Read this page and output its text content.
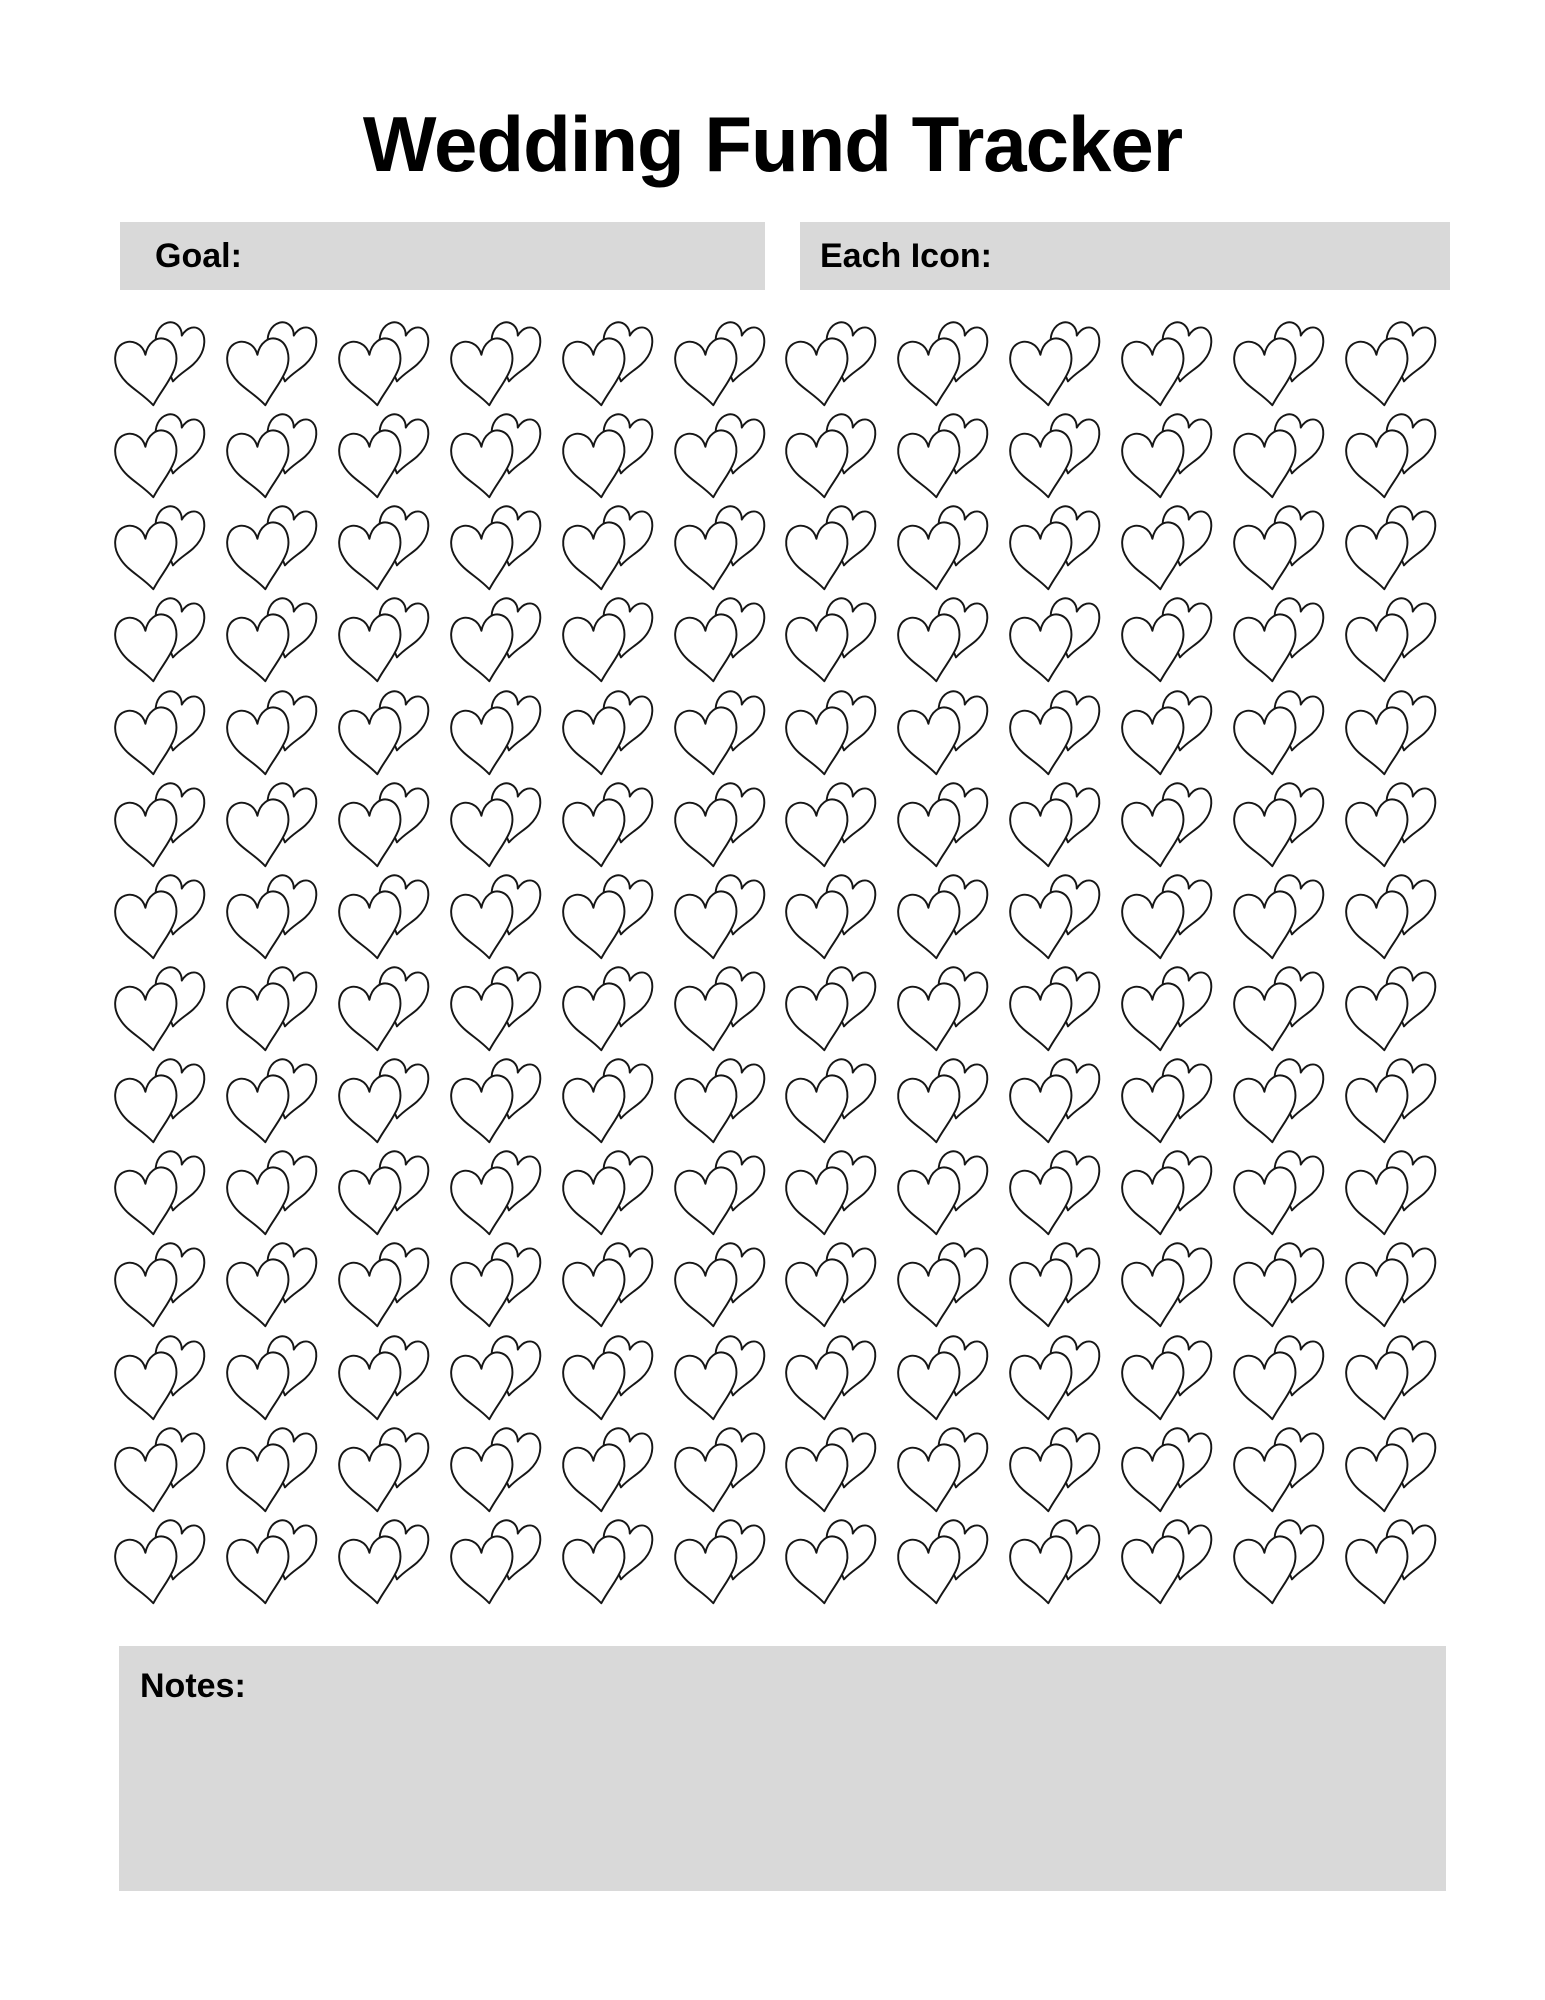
Wedding Fund Tracker
Goal:	Each Icon:
Notes:
